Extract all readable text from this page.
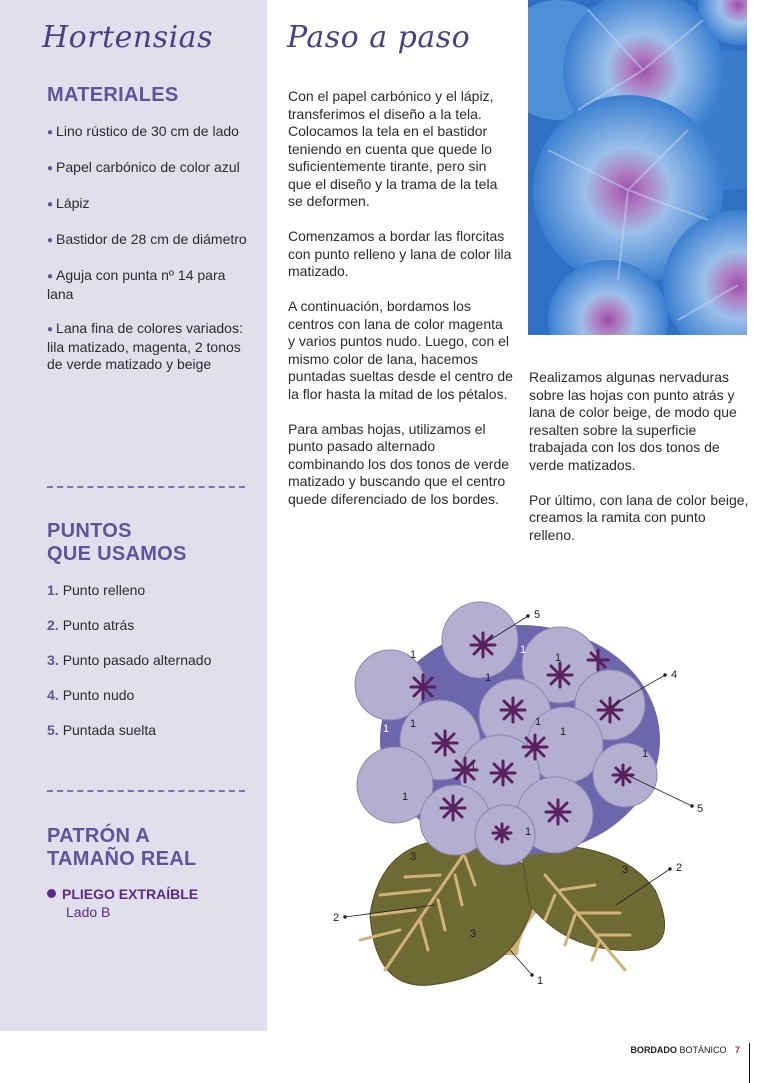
Hortensias
MATERIALES
● Lino rústico de 30 cm de lado
● Papel carbónico de color azul
● Lápiz
● Bastidor de 28 cm de diámetro
● Aguja con punta nº 14 para lana
● Lana fina de colores variados: lila matizado, magenta, 2 tonos de verde matizado y beige
PUNTOS
QUE USAMOS
1. Punto relleno
2. Punto atrás
3. Punto pasado alternado
4. Punto nudo
5. Puntada suelta
PATRÓN A
TAMAÑO REAL
PLIEGO EXTRAÍBLE
Lado B
Paso a paso

Con el papel carbónico y el lápiz, transferimos el diseño a la tela. Colocamos la tela en el bastidor teniendo en cuenta que quede lo suficientemente tirante, pero sin que el diseño y la trama de la tela se deformen.

Comenzamos a bordar las florcitas con punto relleno y lana de color lila matizado.

A continuación, bordamos los centros con lana de color magenta y varios puntos nudo. Luego, con el mismo color de lana, hacemos puntadas sueltas desde el centro de la flor hasta la mitad de los pétalos.

Para ambas hojas, utilizamos el punto pasado alternado combinando los dos tonos de verde matizado y buscando que el centro quede diferenciado de los bordes.

Realizamos algunas nervaduras sobre las hojas con punto atrás y lana de color beige, de modo que resalten sobre la superficie trabajada con los dos tonos de verde matizados.

Por último, con lana de color beige, creamos la ramita con punto relleno.

1
1
1
1
1
1
1
1
1
1
3
3
3
1
1
5
4
5
2
2
1
BORDADO BOTÁNICO 7
